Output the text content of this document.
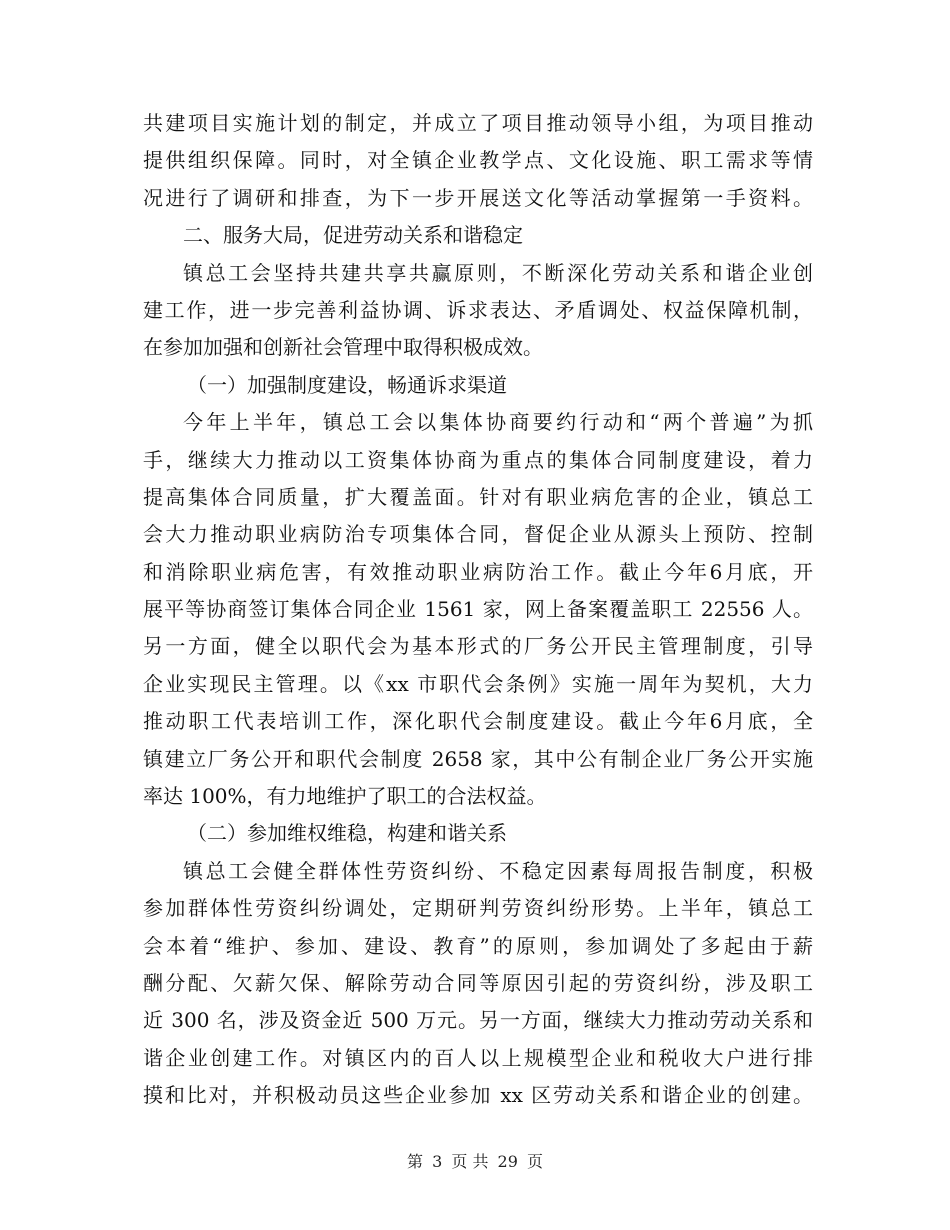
共建项目实施计划的制定，并成立了项目推动领导小组，为项目推动
提供组织保障。同时，对全镇企业教学点、文化设施、职工需求等情
况进行了调研和排查，为下一步开展送文化等活动掌握第一手资料。
二、服务大局，促进劳动关系和谐稳定
镇总工会坚持共建共享共赢原则，不断深化劳动关系和谐企业创
建工作，进一步完善利益协调、诉求表达、矛盾调处、权益保障机制，
在参加加强和创新社会管理中取得积极成效。
（一）加强制度建设，畅通诉求渠道
今年上半年，镇总工会以集体协商要约行动和“两个普遍”为抓
手，继续大力推动以工资集体协商为重点的集体合同制度建设，着力
提高集体合同质量，扩大覆盖面。针对有职业病危害的企业，镇总工
会大力推动职业病防治专项集体合同，督促企业从源头上预防、控制
和消除职业病危害，有效推动职业病防治工作。截止今年6月底，开
展平等协商签订集体合同企业 1561 家，网上备案覆盖职工 22556 人。
另一方面，健全以职代会为基本形式的厂务公开民主管理制度，引导
企业实现民主管理。以《xx 市职代会条例》实施一周年为契机，大力
推动职工代表培训工作，深化职代会制度建设。截止今年6月底，全
镇建立厂务公开和职代会制度 2658 家，其中公有制企业厂务公开实施
率达 100%，有力地维护了职工的合法权益。
（二）参加维权维稳，构建和谐关系
镇总工会健全群体性劳资纠纷、不稳定因素每周报告制度，积极
参加群体性劳资纠纷调处，定期研判劳资纠纷形势。上半年，镇总工
会本着“维护、参加、建设、教育”的原则，参加调处了多起由于薪
酬分配、欠薪欠保、解除劳动合同等原因引起的劳资纠纷，涉及职工
近 300 名，涉及资金近 500 万元。另一方面，继续大力推动劳动关系和
谐企业创建工作。对镇区内的百人以上规模型企业和税收大户进行排
摸和比对，并积极动员这些企业参加 xx 区劳动关系和谐企业的创建。
第 3 页 共 29 页
